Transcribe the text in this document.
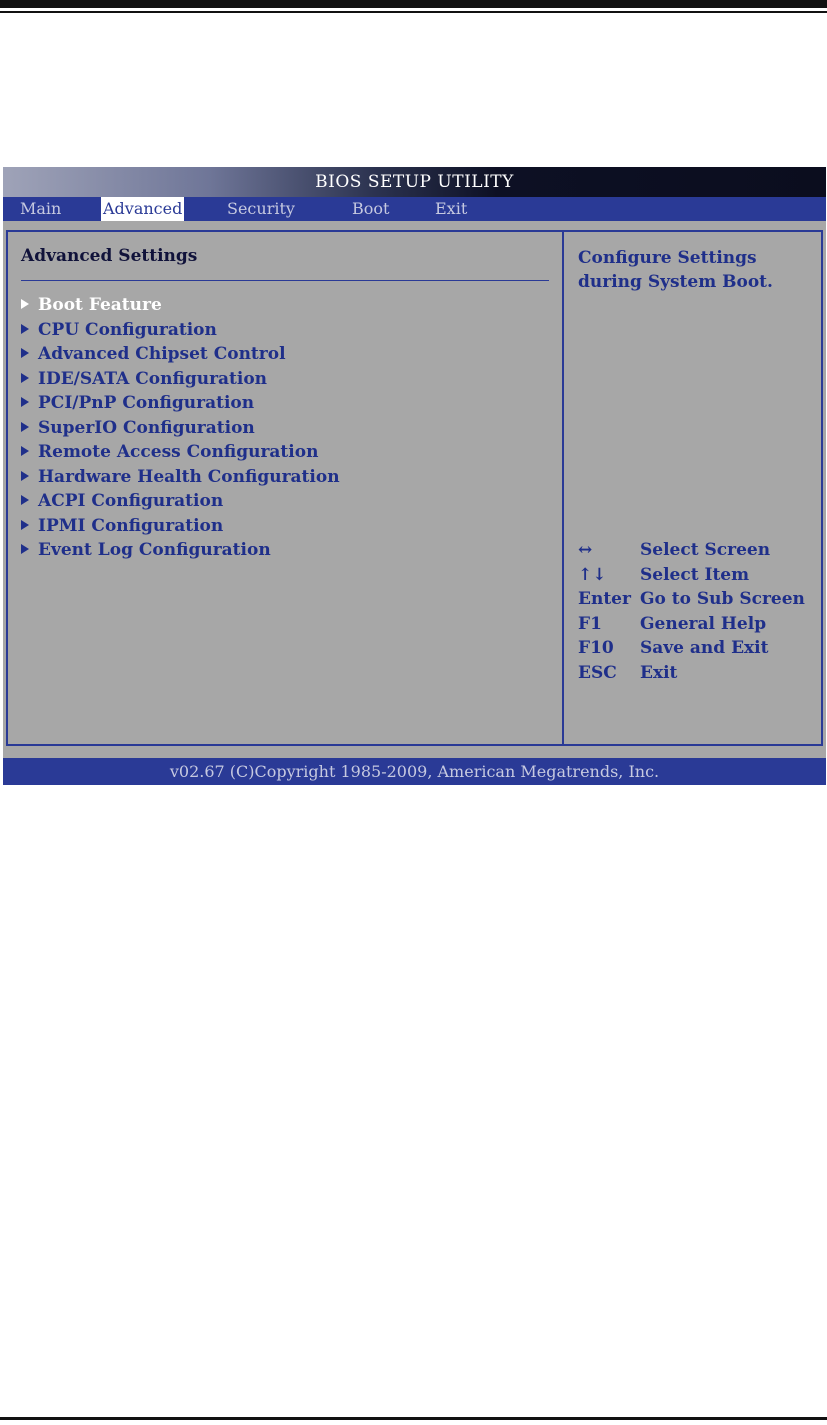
BIOS SETUP UTILITY
Main	Advanced	Security	Boot	Exit
Advanced Settings
Boot Feature
CPU Configuration
Advanced Chipset Control
IDE/SATA Configuration
PCI/PnP Configuration
SuperIO Configuration
Remote Access Configuration
Hardware Health Configuration
ACPI Configuration
IPMI Configuration
Event Log Configuration
Configure Settings
during System Boot.
↔	Select Screen
↑↓ Select Item
Enter Go to Sub Screen
F1 General Help
F10 Save and Exit
ESC Exit
v02.67 (C)Copyright 1985-2009, American Megatrends, Inc.
